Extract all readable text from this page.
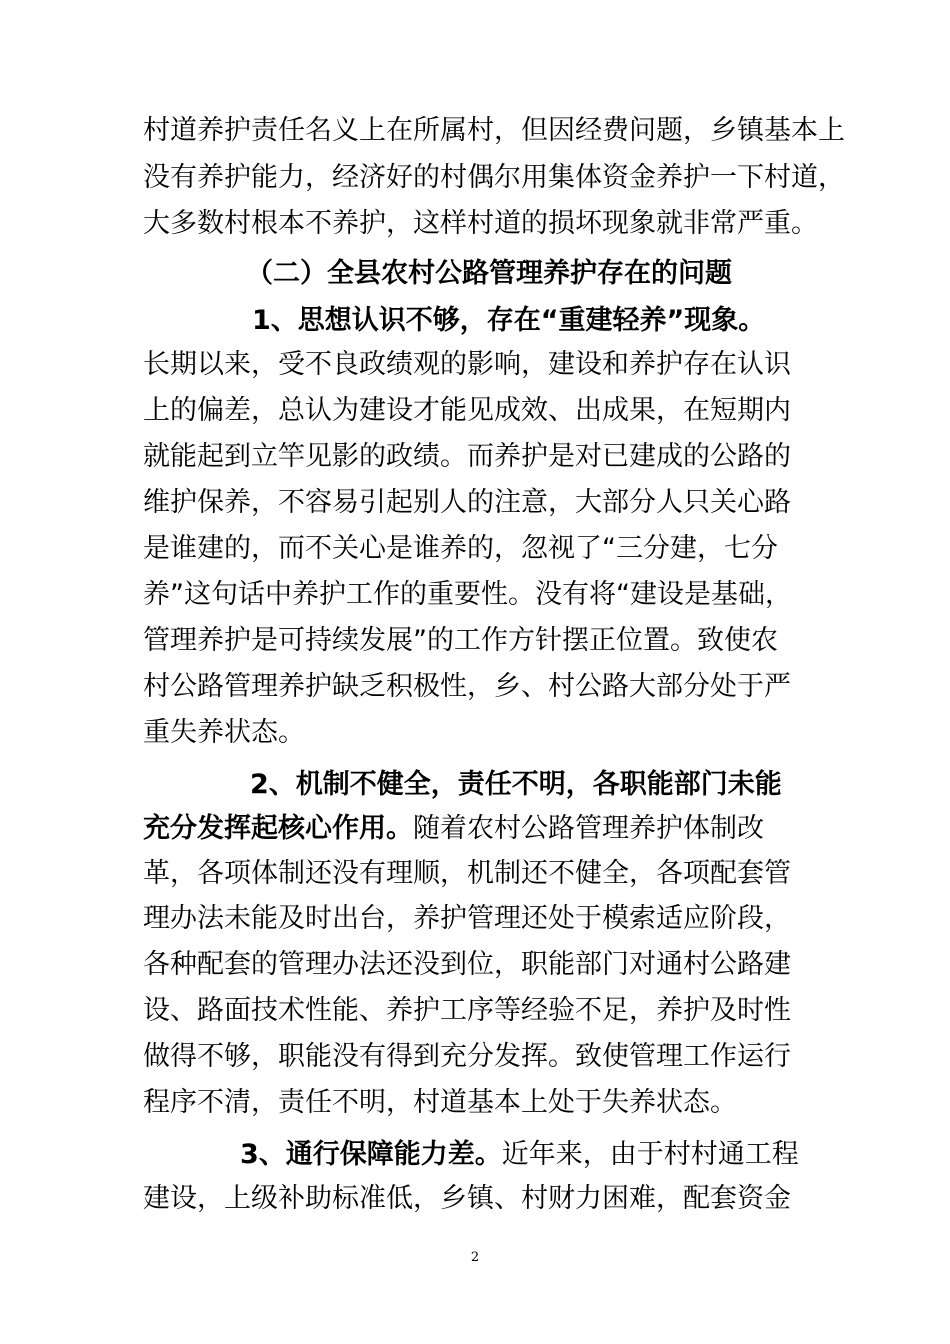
村道养护责任名义上在所属村，但因经费问题，乡镇基本上
没有养护能力，经济好的村偶尔用集体资金养护一下村道，
大多数村根本不养护，这样村道的损坏现象就非常严重。
（二）全县农村公路管理养护存在的问题
1、思想认识不够，存在“重建轻养”现象。
长期以来，受不良政绩观的影响，建设和养护存在认识
上的偏差，总认为建设才能见成效、出成果，在短期内
就能起到立竿见影的政绩。而养护是对已建成的公路的
维护保养，不容易引起别人的注意，大部分人只关心路
是谁建的，而不关心是谁养的，忽视了“三分建，七分
养”这句话中养护工作的重要性。没有将“建设是基础，
管理养护是可持续发展”的工作方针摆正位置。致使农
村公路管理养护缺乏积极性，乡、村公路大部分处于严
重失养状态。
2、机制不健全，责任不明，各职能部门未能
充分发挥起核心作用。随着农村公路管理养护体制改
革，各项体制还没有理顺，机制还不健全，各项配套管
理办法未能及时出台，养护管理还处于模索适应阶段，
各种配套的管理办法还没到位，职能部门对通村公路建
设、路面技术性能、养护工序等经验不足，养护及时性
做得不够，职能没有得到充分发挥。致使管理工作运行
程序不清，责任不明，村道基本上处于失养状态。
3、通行保障能力差。近年来，由于村村通工程
建设，上级补助标准低，乡镇、村财力困难，配套资金
2
